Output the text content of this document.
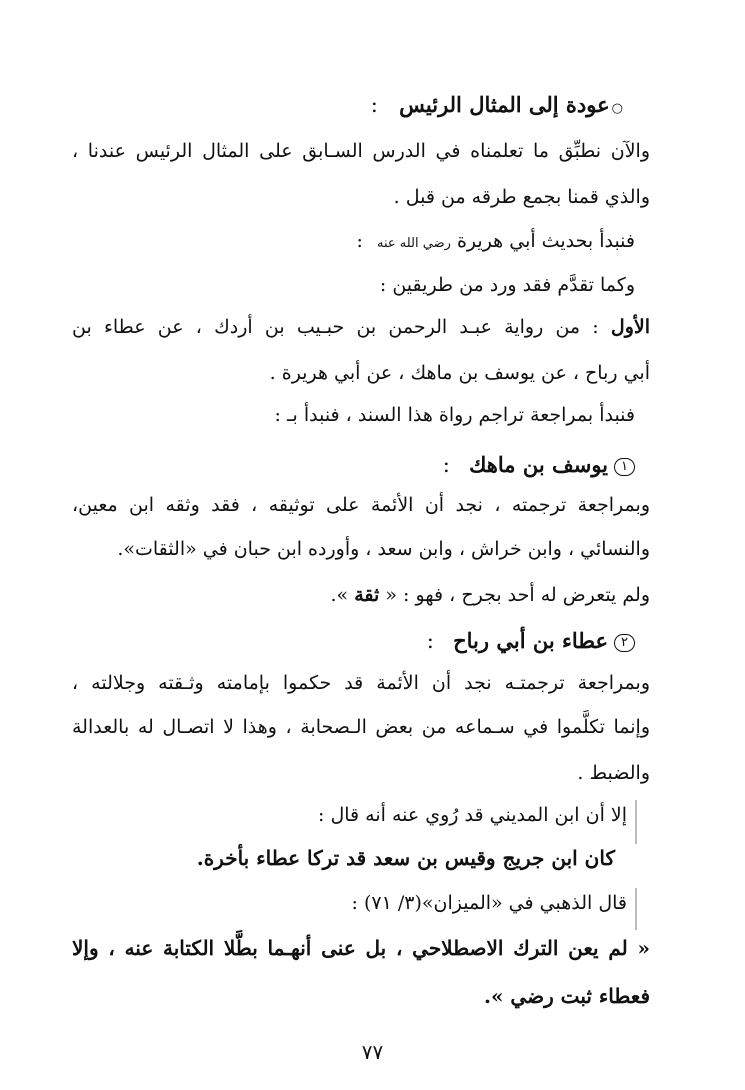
○عودة إلى المثال الرئيس :
والآن نطبِّق ما تعلمناه في الدرس السـابق على المثال الرئيس عندنا ،
والذي قمنا بجمع طرقه من قبل .
فنبدأ بحديث أبي هريرة رضي الله عنه :
وكما تقدَّم فقد ورد من طريقين :
الأول : من رواية عبـد الرحمن بن حبـيب بن أردك ، عن عطاء بن
أبي رباح ، عن يوسف بن ماهك ، عن أبي هريرة .
فنبدأ بمراجعة تراجم رواة هذا السند ، فنبدأ بـ :
١يوسف بن ماهك :
وبمراجعة ترجمته ، نجد أن الأئمة على توثيقه ، فقد وثقه ابن معين،
والنسائي ، وابن خراش ، وابن سعد ، وأورده ابن حبان في «الثقات».
ولم يتعرض له أحد بجرح ، فهو : « ثقة ».
٢عطاء بن أبي رباح :
وبمراجعة ترجمتـه نجد أن الأئمة قد حكموا بإمامته وثـقته وجلالته ،
وإنما تكلَّموا في سـماعه من بعض الـصحابة ، وهذا لا اتصـال له بالعدالة
والضبط .
إلا أن ابن المديني قد رُوي عنه أنه قال :
كان ابن جريج وقيس بن سعد قد تركا عطاء بأخرة.
قال الذهبي في «الميزان»(٣/ ٧١) :
« لم يعن الترك الاصطلاحي ، بل عنى أنهـما بطَّلا الكتابة عنه ، وإلا
فعطاء ثبت رضي ».
٧٧
